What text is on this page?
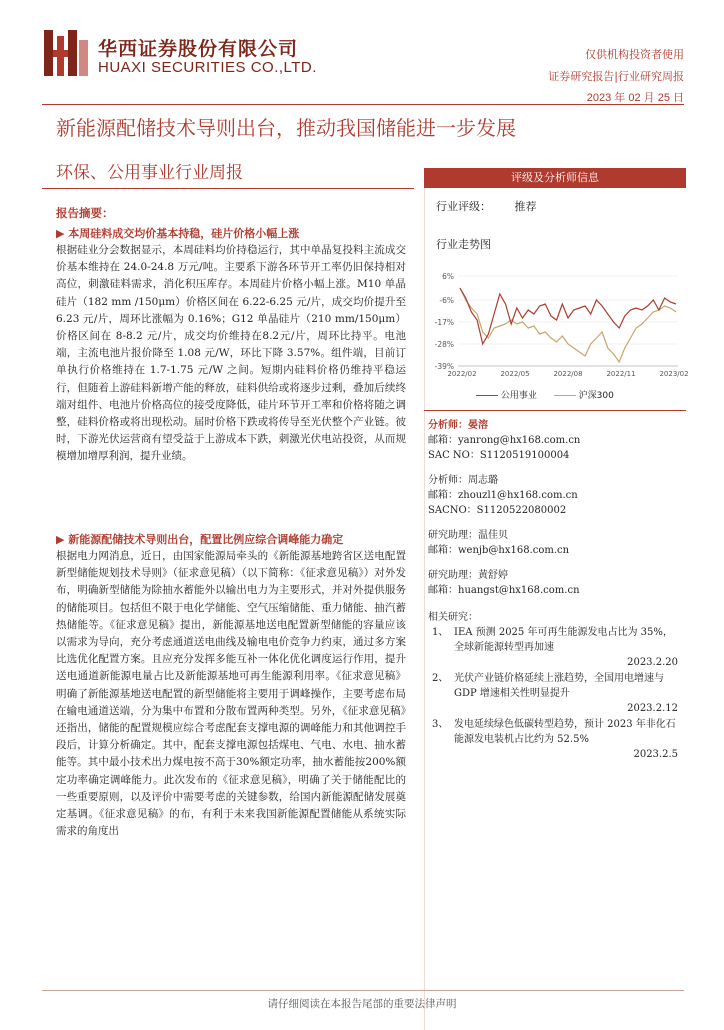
华西证券股份有限公司
HUAXI SECURITIES CO.,LTD.
仅供机构投资者使用
证券研究报告|行业研究周报
2023 年 02 月 25 日
新能源配储技术导则出台，推动我国储能进一步发展
环保、公用事业行业周报
报告摘要：
▶ 本周硅料成交均价基本持稳，硅片价格小幅上涨
根据硅业分会数据显示，本周硅料均价持稳运行，其中单晶复投料主流成交价基本维持在 24.0-24.8 万元/吨。主要系下游各环节开工率仍旧保持相对高位，刺激硅料需求，消化积压库存。本周硅片价格小幅上涨。M10 单晶硅片（182 mm /150μm）价格区间在 6.22-6.25 元/片，成交均价提升至 6.23 元/片，周环比涨幅为 0.16%；G12 单晶硅片（210 mm/150μm）价格区间在 8-8.2 元/片，成交均价维持在8.2元/片，周环比持平。电池端，主流电池片报价降至 1.08 元/W，环比下降 3.57%。组件端，目前订单执行价格维持在 1.7-1.75 元/W 之间。短期内硅料价格仍维持平稳运行，但随着上游硅料新增产能的释放，硅料供给或将逐步过剩，叠加后续终端对组件、电池片价格高位的接受度降低，硅片环节开工率和价格将随之调整，硅料价格或将出现松动。届时价格下跌或将传导至光伏整个产业链。彼时，下游光伏运营商有望受益于上游成本下跌，刺激光伏电站投资，从而规模增加增厚利润，提升业绩。
▶ 新能源配储技术导则出台，配置比例应综合调峰能力确定
根据电力网消息，近日，由国家能源局牵头的《新能源基地跨省区送电配置新型储能规划技术导则》（征求意见稿）（以下简称：《征求意见稿》）对外发布，明确新型储能为除抽水蓄能外以输出电力为主要形式，并对外提供服务的储能项目。包括但不限于电化学储能、空气压缩储能、重力储能、抽汽蓄热储能等。《征求意见稿》提出，新能源基地送电配置新型储能的容量应该以需求为导向，充分考虑通道送电曲线及输电电价竞争力约束，通过多方案比选优化配置方案。且应充分发挥多能互补一体化优化调度运行作用，提升送电通道新能源电量占比及新能源基地可再生能源利用率。《征求意见稿》明确了新能源基地送电配置的新型储能将主要用于调峰操作，主要考虑布局在输电通道送端，分为集中布置和分散布置两种类型。另外，《征求意见稿》还指出，储能的配置规模应综合考虑配套支撑电源的调峰能力和其他调控手段后，计算分析确定。其中，配套支撑电源包括煤电、气电、水电、抽水蓄能等。其中最小技术出力煤电按不高于30%额定功率，抽水蓄能按200%额定功率确定调峰能力。此次发布的《征求意见稿》，明确了关于储能配比的一些重要原则，以及评价中需要考虑的关键参数，给国内新能源配储发展奠定基调。《征求意见稿》的布，有利于未来我国新能源配置储能从系统实际需求的角度出
评级及分析师信息
行业评级： 推荐
行业走势图
6%
-6%
-17%
-28%
-39%
2022/02	2022/05	2022/08	2022/11	2023/02
公用事业	沪深300
分析师：晏溶
邮箱：yanrong@hx168.com.cn
SAC NO：S1120519100004
分析师：周志璐
邮箱：zhouzl1@hx168.com.cn
SACNO：S1120522080002
研究助理：温佳贝
邮箱：wenjb@hx168.com.cn
研究助理：黄舒婷
邮箱：huangst@hx168.com.cn
相关研究：
1、 IEA 预测 2025 年可再生能源发电占比为 35%，全球新能源转型再加速
2023.2.20
2、 光伏产业链价格延续上涨趋势，全国用电增速与 GDP 增速相关性明显提升
2023.2.12
3、 发电延续绿色低碳转型趋势，预计 2023 年非化石能源发电装机占比约为 52.5%
2023.2.5
请仔细阅读在本报告尾部的重要法律声明
